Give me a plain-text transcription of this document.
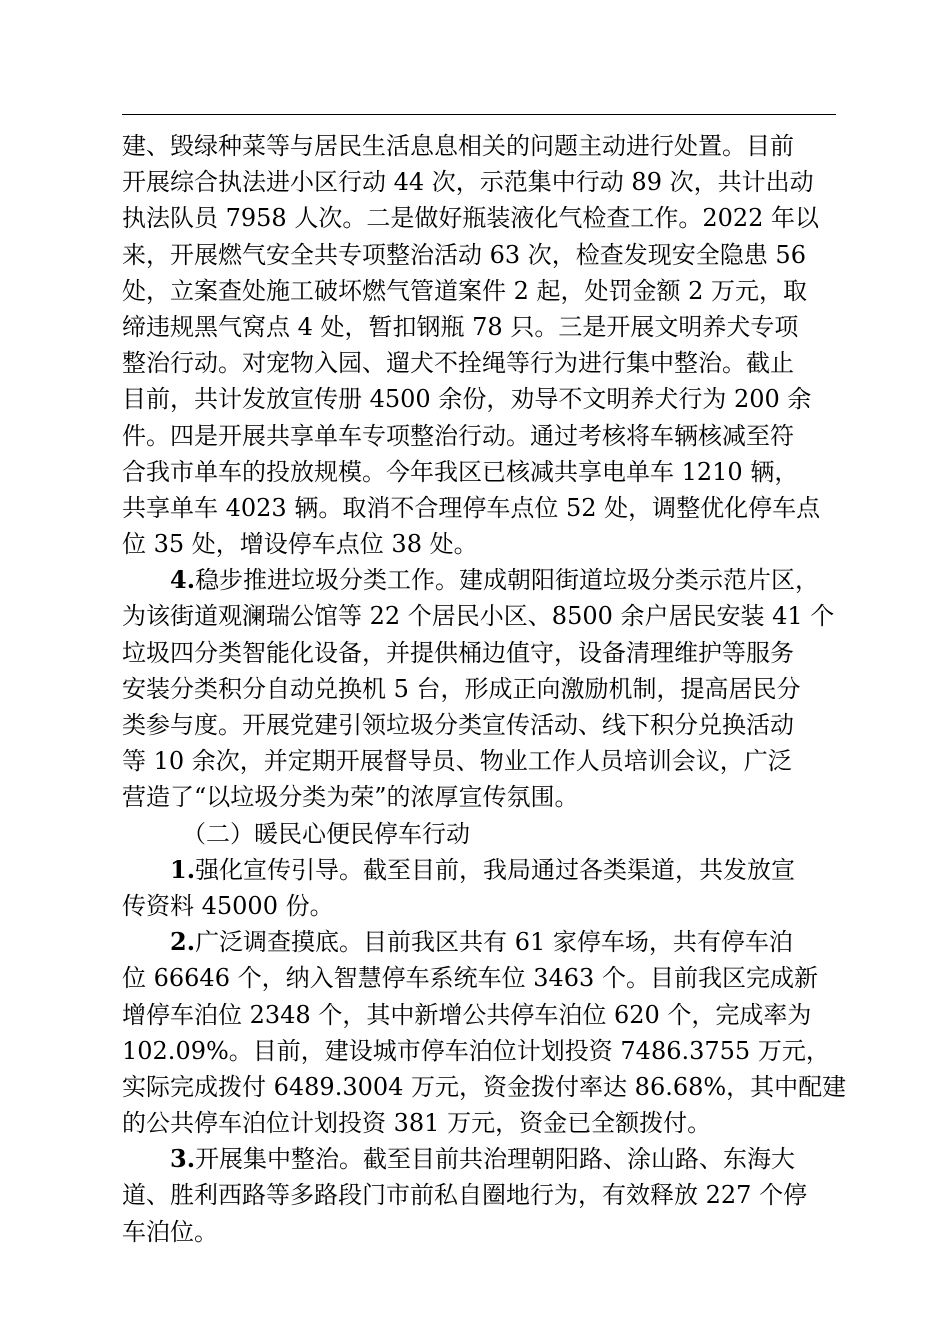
建、毁绿种菜等与居民生活息息相关的问题主动进行处置。目前
开展综合执法进小区行动 44 次，示范集中行动 89 次，共计出动
执法队员 7958 人次。二是做好瓶装液化气检查工作。2022 年以
来，开展燃气安全共专项整治活动 63 次，检查发现安全隐患 56
处，立案查处施工破坏燃气管道案件 2 起，处罚金额 2 万元，取
缔违规黑气窝点 4 处，暂扣钢瓶 78 只。三是开展文明养犬专项
整治行动。对宠物入园、遛犬不拴绳等行为进行集中整治。截止
目前，共计发放宣传册 4500 余份，劝导不文明养犬行为 200 余
件。四是开展共享单车专项整治行动。通过考核将车辆核减至符
合我市单车的投放规模。今年我区已核减共享电单车 1210 辆，
共享单车 4023 辆。取消不合理停车点位 52 处，调整优化停车点
位 35 处，增设停车点位 38 处。
4.稳步推进垃圾分类工作。建成朝阳街道垃圾分类示范片区，
为该街道观澜瑞公馆等 22 个居民小区、8500 余户居民安装 41 个
垃圾四分类智能化设备，并提供桶边值守，设备清理维护等服务
安装分类积分自动兑换机 5 台，形成正向激励机制，提高居民分
类参与度。开展党建引领垃圾分类宣传活动、线下积分兑换活动
等 10 余次，并定期开展督导员、物业工作人员培训会议，广泛
营造了“以垃圾分类为荣”的浓厚宣传氛围。
（二）暖民心便民停车行动
1.强化宣传引导。截至目前，我局通过各类渠道，共发放宣
传资料 45000 份。
2.广泛调查摸底。目前我区共有 61 家停车场，共有停车泊
位 66646 个，纳入智慧停车系统车位 3463 个。目前我区完成新
增停车泊位 2348 个，其中新增公共停车泊位 620 个，完成率为
102.09%。目前，建设城市停车泊位计划投资 7486.3755 万元，
实际完成拨付 6489.3004 万元，资金拨付率达 86.68%，其中配建
的公共停车泊位计划投资 381 万元，资金已全额拨付。
3.开展集中整治。截至目前共治理朝阳路、涂山路、东海大
道、胜利西路等多路段门市前私自圈地行为，有效释放 227 个停
车泊位。
